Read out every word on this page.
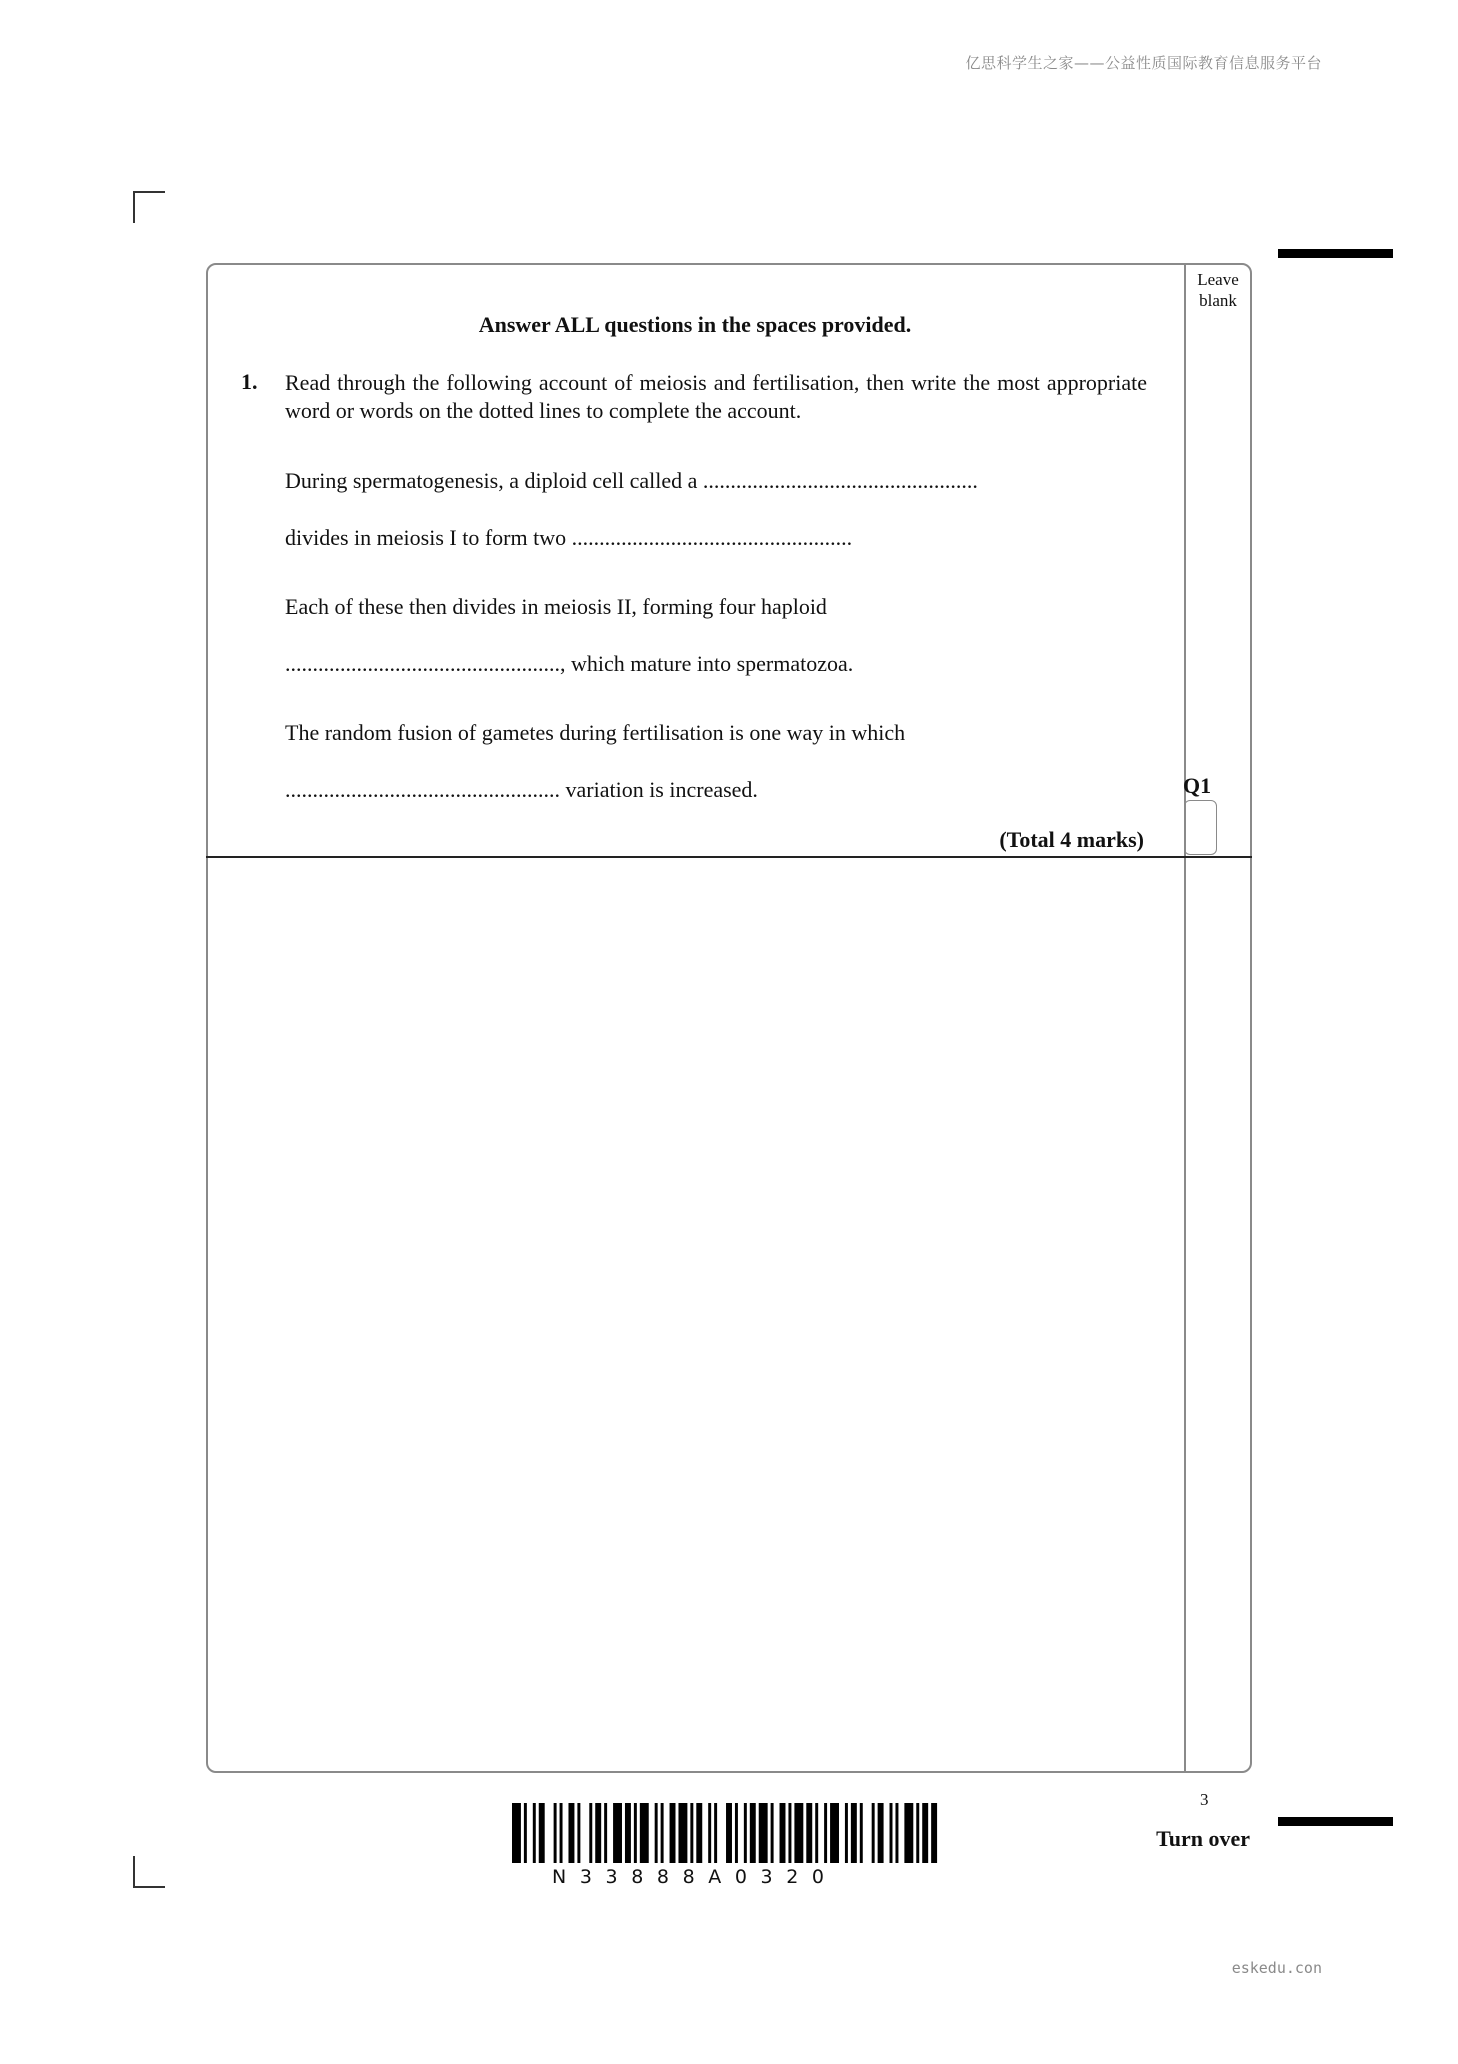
亿思科学生之家——公益性质国际教育信息服务平台
Leave
blank
Answer ALL questions in the spaces provided.
1. Read through the following account of meiosis and fertilisation, then write the most appropriate word or words on the dotted lines to complete the account.
During spermatogenesis, a diploid cell called a ..................................................
divides in meiosis I to form two ...................................................
Each of these then divides in meiosis II, forming four haploid
.................................................., which mature into spermatozoa.
The random fusion of gametes during fertilisation is one way in which
.................................................. variation is increased.	Q1
(Total 4 marks)
3
Turn over
N33888A0320
eskedu.con
